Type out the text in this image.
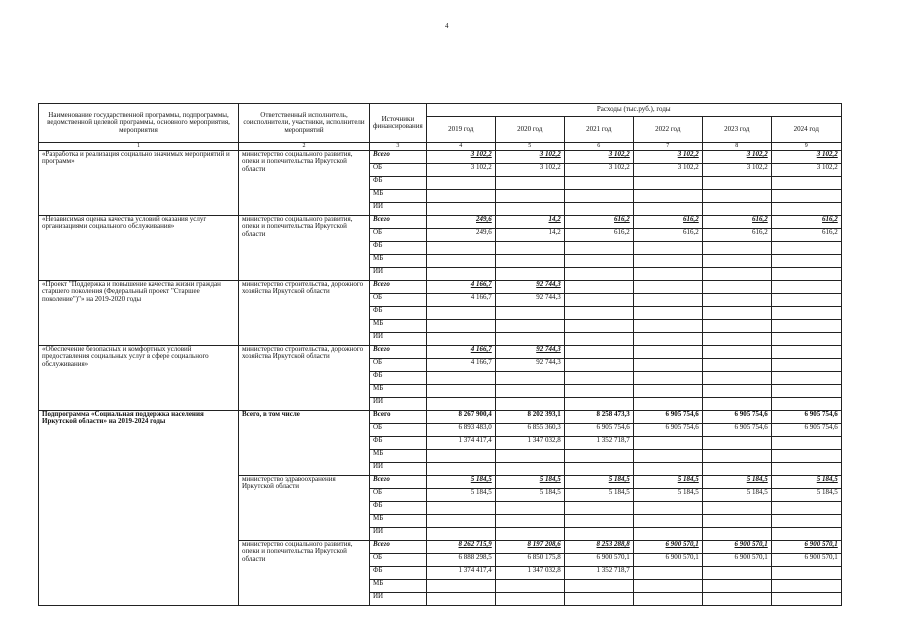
4
Наименование государственной программы, подпрограммы, ведомственной целевой программы, основного мероприятия, мероприятия	Ответственный исполнитель, соисполнители, участники, исполнители мероприятий	Источники финансирования	Расходы (тыс.руб.), годы					
			2019 год	2020 год	2021 год	2022 год	2023 год	2024 год
1	2	3	4	5	6	7	8	9
«Разработка и реализация социально значимых мероприятий и программ»	министерство социального развития, опеки и попечительства Иркутской области	Всего	3 102,2	3 102,2	3 102,2	3 102,2	3 102,2	3 102,2
		ОБ	3 102,2	3 102,2	3 102,2	3 102,2	3 102,2	3 102,2
		ФБ						
		МБ						
		ИИ						
«Независимая оценка качества условий оказания услуг организациями социального обслуживания»	министерство социального развития, опеки и попечительства Иркутской области	Всего	249,6	14,2	616,2	616,2	616,2	616,2
		ОБ	249,6	14,2	616,2	616,2	616,2	616,2
		ФБ						
		МБ						
		ИИ						
«Проект "Поддержка и повышение качества жизни граждан старшего поколения (Федеральный проект "Старшее поколение")"» на 2019-2020 годы	министерство строительства, дорожного хозяйства Иркутской области	Всего	4 166,7	92 744,3				
		ОБ	4 166,7	92 744,3				
		ФБ						
		МБ						
		ИИ						
«Обеспечение безопасных и комфортных условий предоставления социальных услуг в сфере социального обслуживания»	министерство строительства, дорожного хозяйства Иркутской области	Всего	4 166,7	92 744,3				
		ОБ	4 166,7	92 744,3				
		ФБ						
		МБ						
		ИИ						
Подпрограмма «Социальная поддержка населения Иркутской области» на 2019-2024 годы	Всего, в том числе	Всего	8 267 900,4	8 202 393,1	8 258 473,3	6 905 754,6	6 905 754,6	6 905 754,6
		ОБ	6 893 483,0	6 855 360,3	6 905 754,6	6 905 754,6	6 905 754,6	6 905 754,6
		ФБ	1 374 417,4	1 347 032,8	1 352 718,7			
		МБ						
		ИИ						
	министерство здравоохранения Иркутской области	Всего	5 184,5	5 184,5	5 184,5	5 184,5	5 184,5	5 184,5
		ОБ	5 184,5	5 184,5	5 184,5	5 184,5	5 184,5	5 184,5
		ФБ						
		МБ						
		ИИ						
	министерство социального развития, опеки и попечительства Иркутской области	Всего	8 262 715,9	8 197 208,6	8 253 288,8	6 900 570,1	6 900 570,1	6 900 570,1
		ОБ	6 888 298,5	6 850 175,8	6 900 570,1	6 900 570,1	6 900 570,1	6 900 570,1
		ФБ	1 374 417,4	1 347 032,8	1 352 718,7			
		МБ						
		ИИ						
